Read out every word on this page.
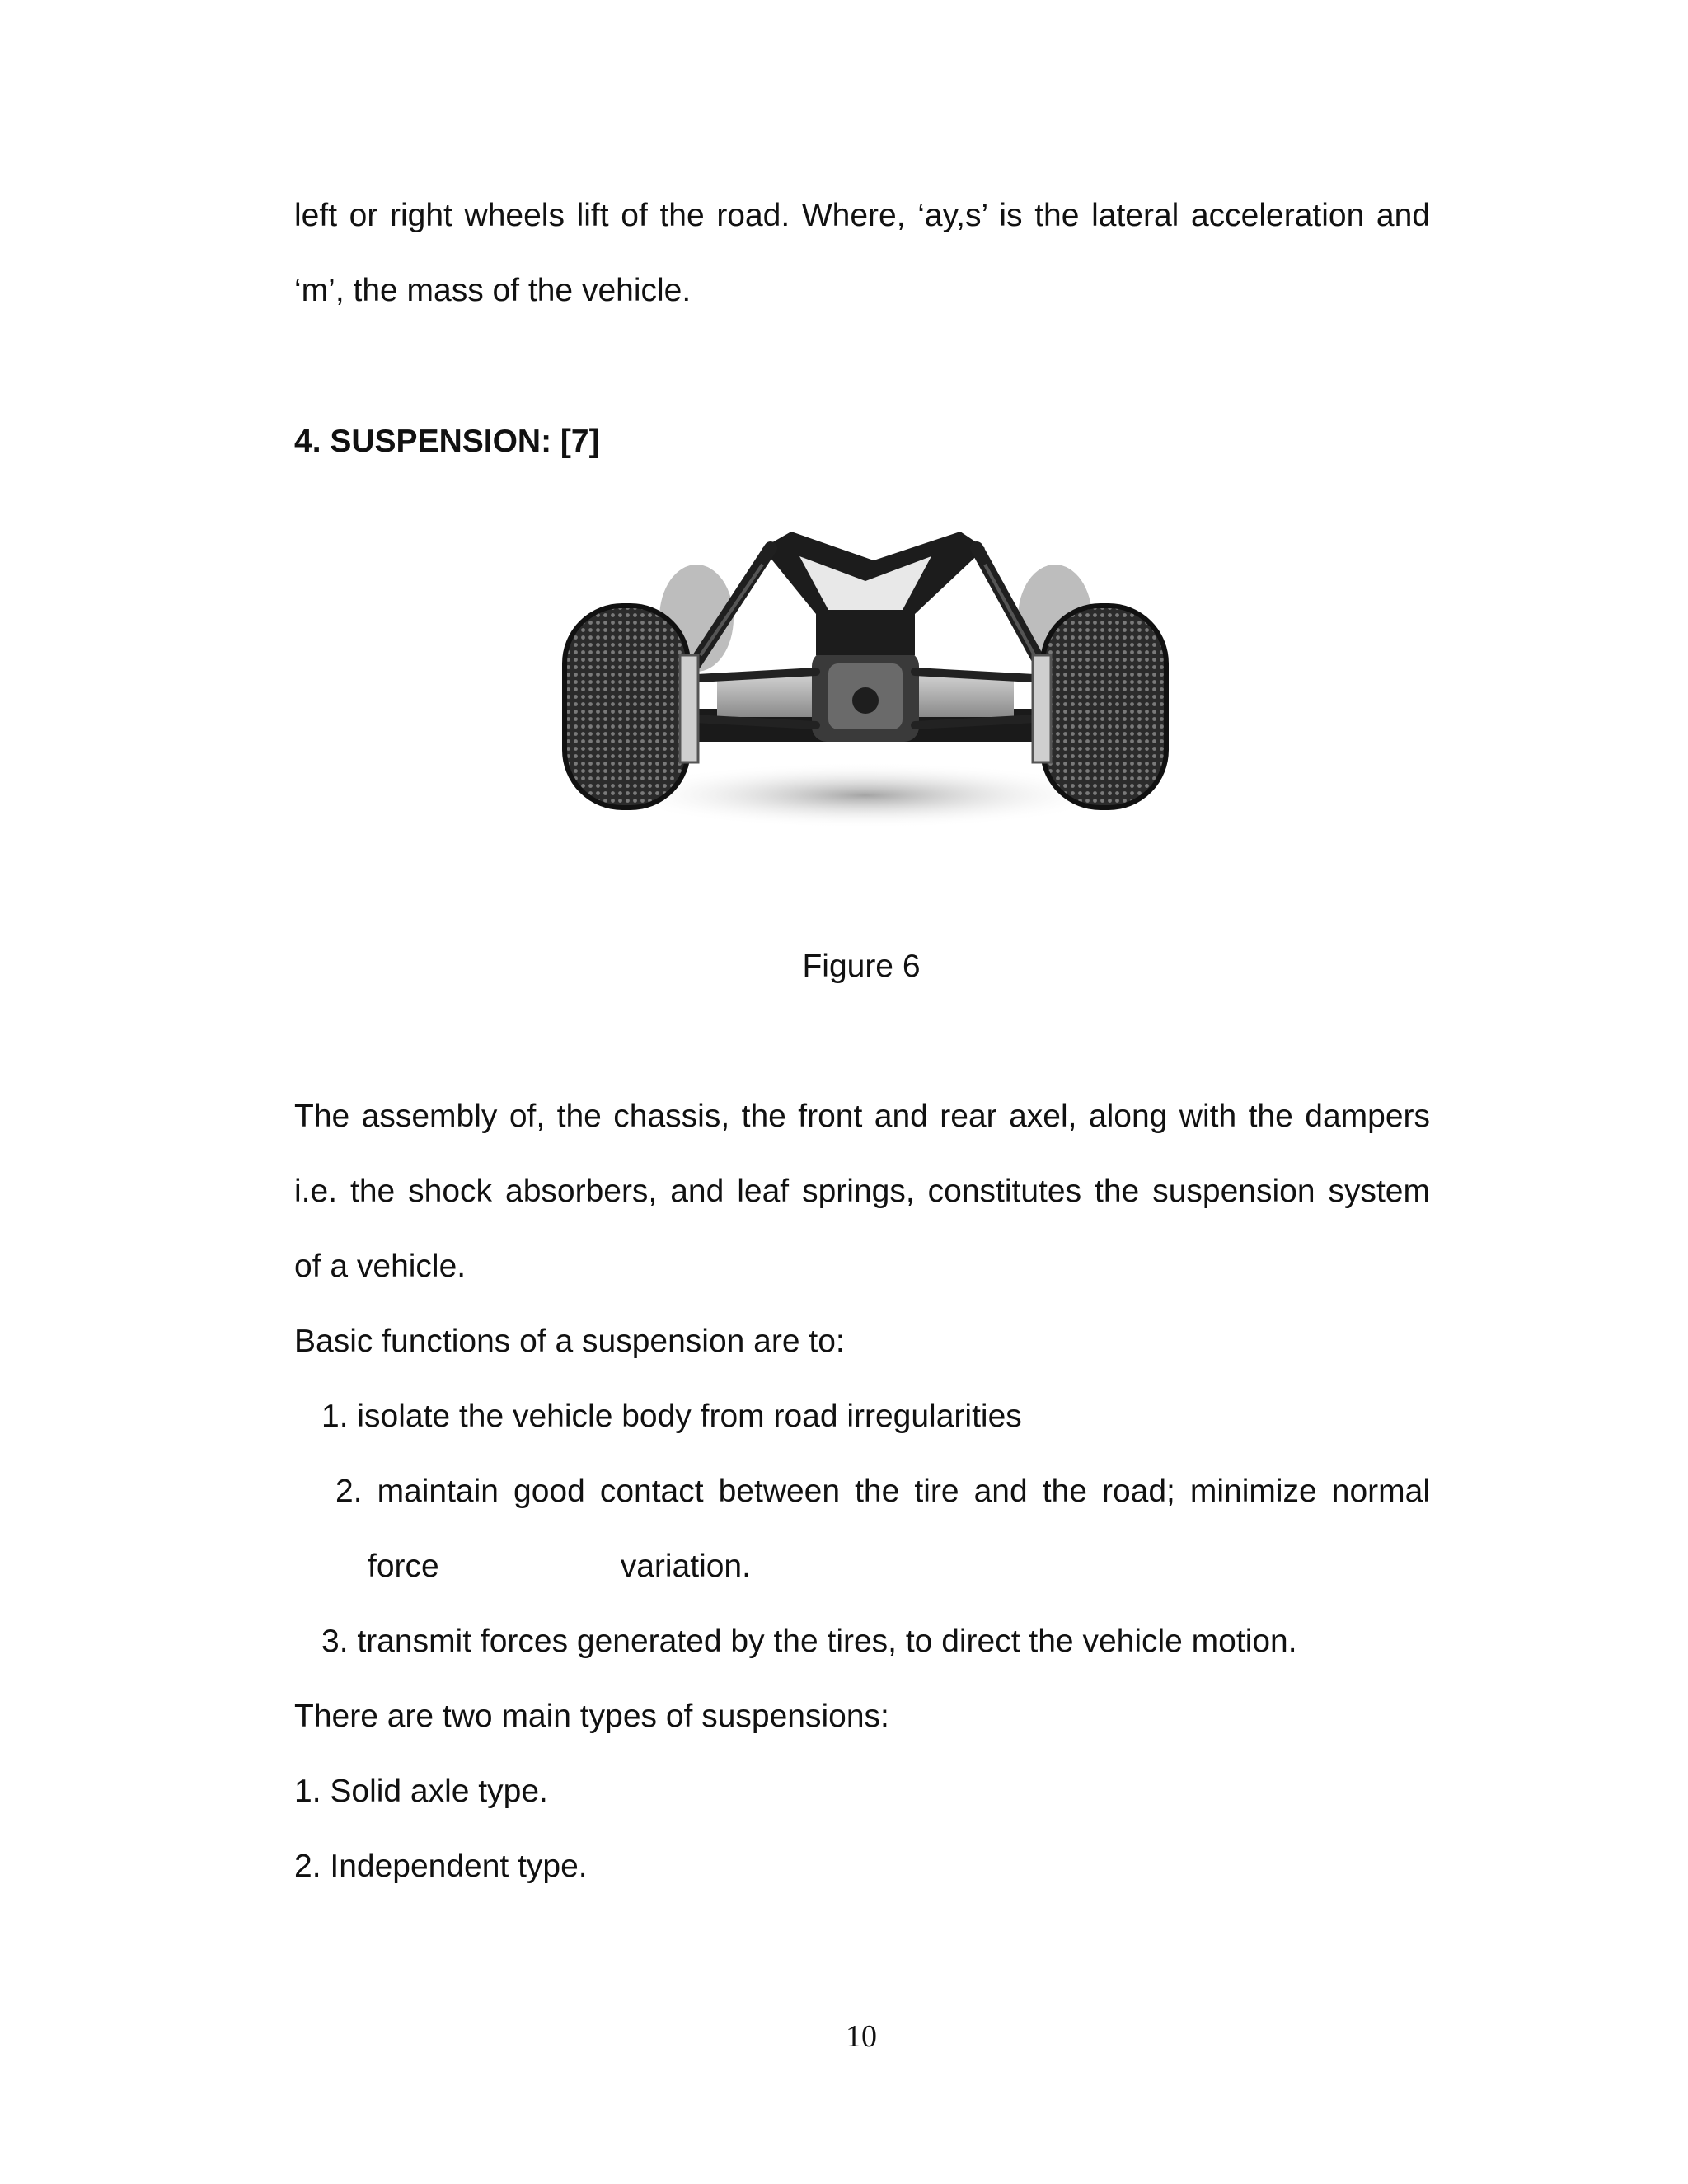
left or right wheels lift of the road. Where, ‘ay,s’ is the lateral acceleration and
‘m’, the mass of the vehicle.
4. SUSPENSION: [7]
Figure 6
The assembly of, the chassis, the front and rear axel, along with the dampers
i.e. the shock absorbers, and leaf springs, constitutes the suspension system
of a vehicle.
Basic functions of a suspension are to:
1. isolate the vehicle body from road irregularities
2. maintain good contact between the tire and the road; minimize normal
force	variation.
3. transmit forces generated by the tires, to direct the vehicle motion.
There are two main types of suspensions:
1. Solid axle type.
2. Independent type.
10
